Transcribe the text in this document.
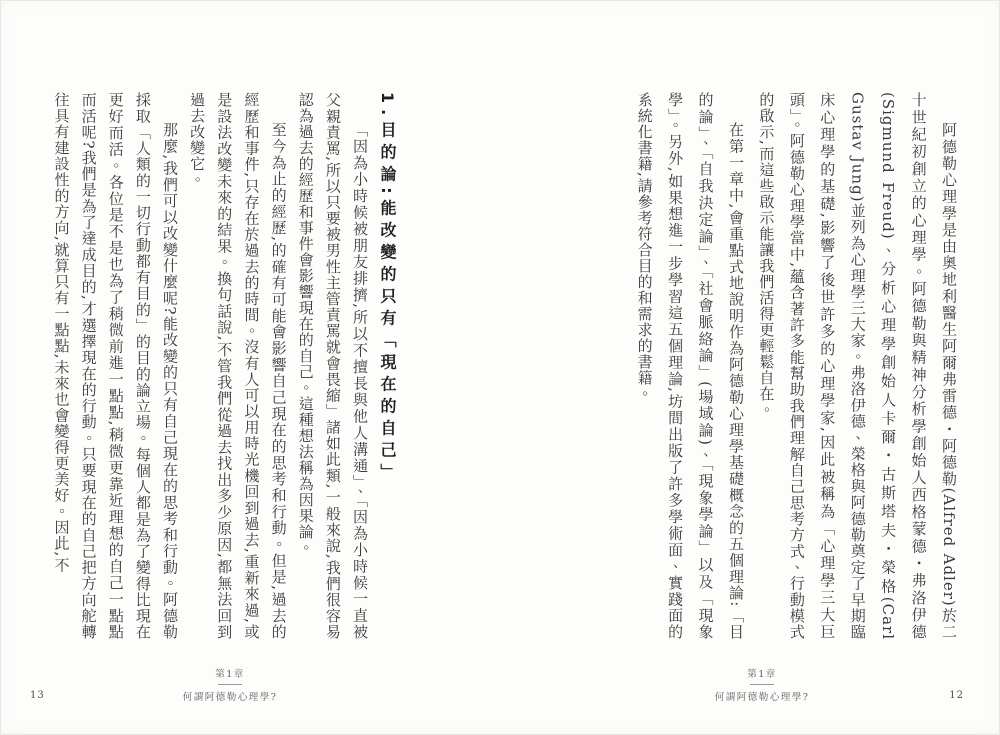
1.目的論:能改變的只有「現在的自己」

「因為小時候被朋友排擠,所以不擅長與他人溝通」、「因為小時候一直被父親責罵,所以只要被男性主管責罵就會畏縮」諸如此類,一般來說,我們很容易認為過去的經歷和事件會影響現在的自己。這種想法稱為因果論。

至今為止的經歷,的確有可能會影響自己現在的思考和行動。但是,過去的經歷和事件,只存在於過去的時間。沒有人可以用時光機回到過去,重新來過,或是設法改變未來的結果。換句話說,不管我們從過去找出多少原因,都無法回到過去改變它。

那麼,我們可以改變什麼呢?能改變的只有自己現在的思考和行動。阿德勒採取「人類的一切行動都有目的」的目的論立場。每個人都是為了變得比現在更好而活。各位是不是也為了稍微前進一點點,稍微更靠近理想的自己一點點而活呢?我們是為了達成目的,才選擇現在的行動。只要現在的自己把方向舵轉往具有建設性的方向,就算只有一點點,未來也會變得更美好。因此,不

第1章
何謂阿德勒心理學?
13

阿德勒心理學是由奧地利醫生阿爾弗雷德・阿德勒(Alfred Adler)於二十世紀初創立的心理學。阿德勒與精神分析學創始人西格蒙德・弗洛伊德(Sigmund Freud)、分析心理學創始人卡爾・古斯塔夫・榮格(Carl Gustav Jung)並列為心理學三大家。弗洛伊德、榮格與阿德勒奠定了早期臨床心理學的基礎,影響了後世許多的心理學家,因此被稱為「心理學三大巨頭」。阿德勒心理學當中,蘊含著許多能幫助我們理解自己思考方式、行動模式的啟示,而這些啟示能讓我們活得更輕鬆自在。

在第一章中,會重點式地說明作為阿德勒心理學基礎概念的五個理論:「目的論」、「自我決定論」、「社會脈絡論」(場域論)、「現象學論」以及「現象學」。另外,如果想進一步學習這五個理論,坊間出版了許多學術面、實踐面的系統化書籍,請參考符合目的和需求的書籍。

第1章
何謂阿德勒心理學?	12
